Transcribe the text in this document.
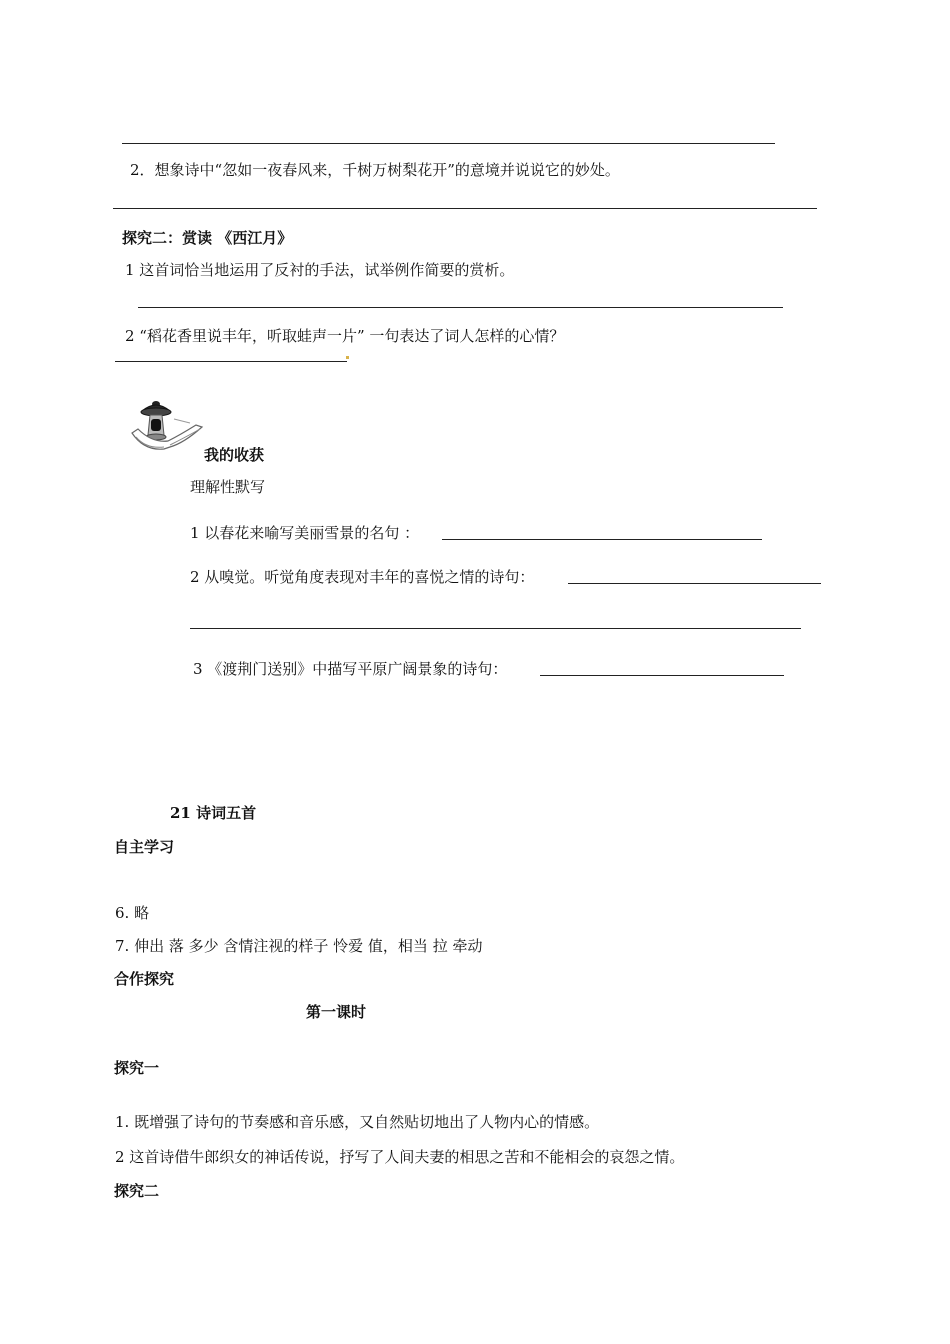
2．想象诗中“忽如一夜春风来，千树万树梨花开”的意境并说说它的妙处。
探究二：赏读 《西江月》
1 这首词恰当地运用了反衬的手法，试举例作简要的赏析。
2 “稻花香里说丰年，听取蛙声一片” 一句表达了词人怎样的心情？
我的收获
理解性默写
1 以春花来喻写美丽雪景的名句 ：
2 从嗅觉。听觉角度表现对丰年的喜悦之情的诗句：
3 《渡荆门送别》中描写平原广阔景象的诗句：
21 诗词五首
自主学习
6. 略
7. 伸出 落 多少 含情注视的样子 怜爱 值，相当 拉 牵动
合作探究
第一课时
探究一
1. 既增强了诗句的节奏感和音乐感，又自然贴切地出了人物内心的情感。
2 这首诗借牛郎织女的神话传说，抒写了人间夫妻的相思之苦和不能相会的哀怨之情。
探究二
